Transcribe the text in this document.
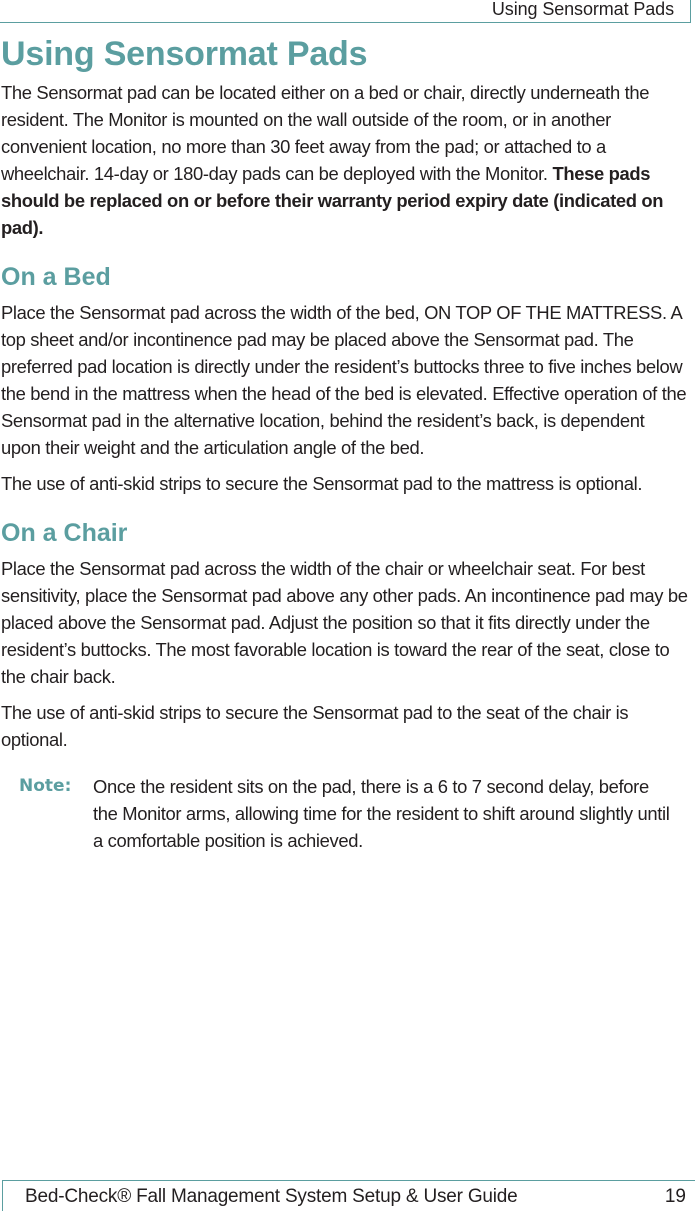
Using Sensormat Pads
Using Sensormat Pads

The Sensormat pad can be located either on a bed or chair, directly underneath the resident. The Monitor is mounted on the wall outside of the room, or in another convenient location, no more than 30 feet away from the pad; or attached to a wheelchair. 14-day or 180-day pads can be deployed with the Monitor. These pads should be replaced on or before their warranty period expiry date (indicated on pad).

On a Bed

Place the Sensormat pad across the width of the bed, ON TOP OF THE MATTRESS. A top sheet and/or incontinence pad may be placed above the Sensormat pad. The preferred pad location is directly under the resident’s buttocks three to five inches below the bend in the mattress when the head of the bed is elevated. Effective operation of the Sensormat pad in the alternative location, behind the resident’s back, is dependent upon their weight and the articulation angle of the bed.

The use of anti-skid strips to secure the Sensormat pad to the mattress is optional.

On a Chair

Place the Sensormat pad across the width of the chair or wheelchair seat. For best sensitivity, place the Sensormat pad above any other pads. An incontinence pad may be placed above the Sensormat pad. Adjust the position so that it fits directly under the resident’s buttocks. The most favorable location is toward the rear of the seat, close to the chair back.

The use of anti-skid strips to secure the Sensormat pad to the seat of the chair is optional.

Note:	Once the resident sits on the pad, there is a 6 to 7 second delay, before the Monitor arms, allowing time for the resident to shift around slightly until a comfortable position is achieved.
Bed-Check® Fall Management System Setup & User Guide	19
